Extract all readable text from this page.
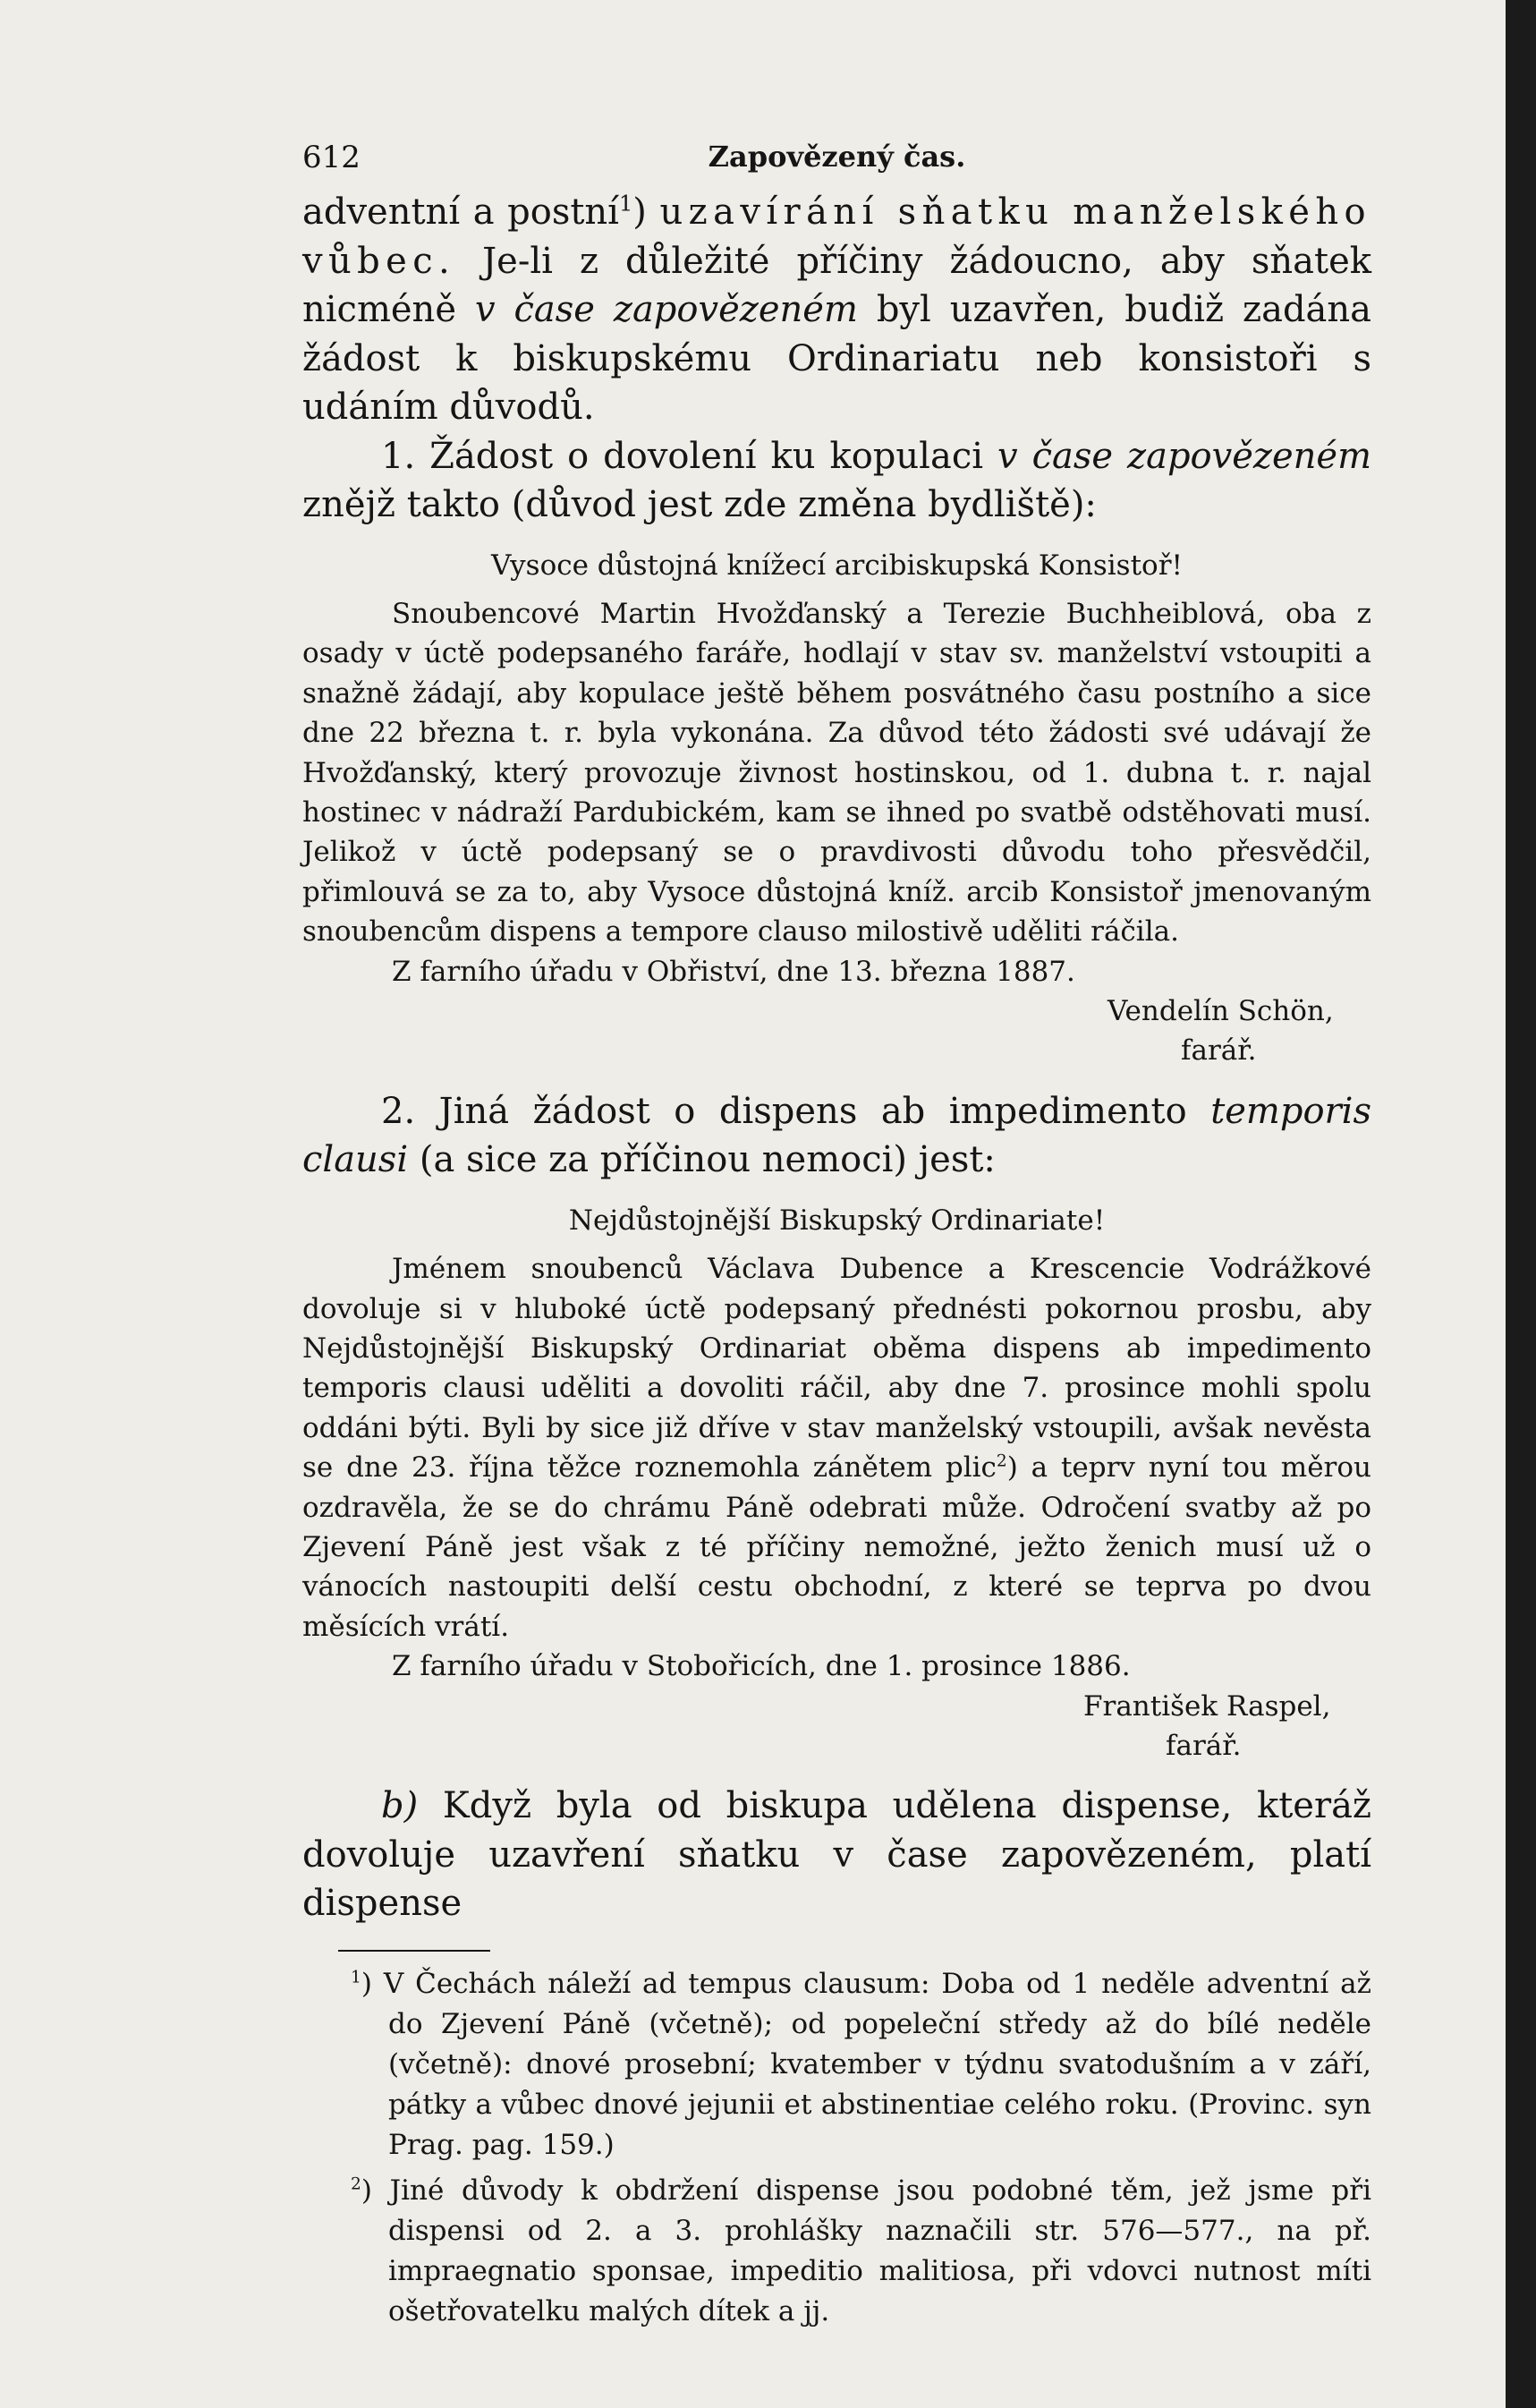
612	Zapovězený čas.

adventní a postní$^1$) uzavírání sňatku manželského vůbec. Je-li z důležité příčiny žádoucno, aby sňatek nicméně v čase zapovězeném byl uzavřen, budiž zadána žádost k biskupskému Ordinariatu neb konsistoři s udáním důvodů.

1. Žádost o dovolení ku kopulaci v čase zapovězeném znějž takto (důvod jest zde změna bydliště):

Vysoce důstojná knížecí arcibiskupská Konsistoř!

Snoubencové Martin Hvožďanský a Terezie Buchheiblová, oba z osady v úctě podepsaného faráře, hodlají v stav sv. manželství vstoupiti a snažně žádají, aby kopulace ještě během posvátného času postního a sice dne 22 března t. r. byla vykonána. Za důvod této žádosti své udávají že Hvožďanský, který provozuje živnost hostinskou, od 1. dubna t. r. najal hostinec v nádraží Pardubickém, kam se ihned po svatbě odstěhovati musí. Jelikož v úctě podepsaný se o pravdivosti důvodu toho přesvědčil, přimlouvá se za to, aby Vysoce důstojná kníž. arcib Konsistoř jmenovaným snoubencům dispens a tempore clauso milostivě uděliti ráčila.

Z farního úřadu v Obřiství, dne 13. března 1887.

Vendelín Schön,
farář.

2. Jiná žádost o dispens ab impedimento temporis clausi (a sice za příčinou nemoci) jest:

Nejdůstojnější Biskupský Ordinariate!

Jménem snoubenců Václava Dubence a Krescencie Vodrážkové dovoluje si v hluboké úctě podepsaný přednésti pokornou prosbu, aby Nejdůstojnější Biskupský Ordinariat oběma dispens ab impedimento temporis clausi uděliti a dovoliti ráčil, aby dne 7. prosince mohli spolu oddáni býti. Byli by sice již dříve v stav manželský vstoupili, avšak nevěsta se dne 23. října těžce roznemohla zánětem plic$^2$) a teprv nyní tou měrou ozdravěla, že se do chrámu Páně odebrati může. Odročení svatby až po Zjevení Páně jest však z té příčiny nemožné, ježto ženich musí už o vánocích nastoupiti delší cestu obchodní, z které se teprva po dvou měsících vrátí.

Z farního úřadu v Stobořicích, dne 1. prosince 1886.

František Raspel,
farář.

b) Když byla od biskupa udělena dispense, kteráž dovoluje uzavření sňatku v čase zapovězeném, platí dispense

$^1$) V Čechách náleží ad tempus clausum: Doba od 1 neděle adventní až do Zjevení Páně (včetně); od popeleční středy až do bílé neděle (včetně): dnové prosební; kvatember v týdnu svatodušním a v září, pátky a vůbec dnové jejunii et abstinentiae celého roku. (Provinc. syn Prag. pag. 159.)

$^2$) Jiné důvody k obdržení dispense jsou podobné těm, jež jsme při dispensi od 2. a 3. prohlášky naznačili str. 576—577., na př. impraegnatio sponsae, impeditio malitiosa, při vdovci nutnost míti ošetřovatelku malých dítek a jj.
